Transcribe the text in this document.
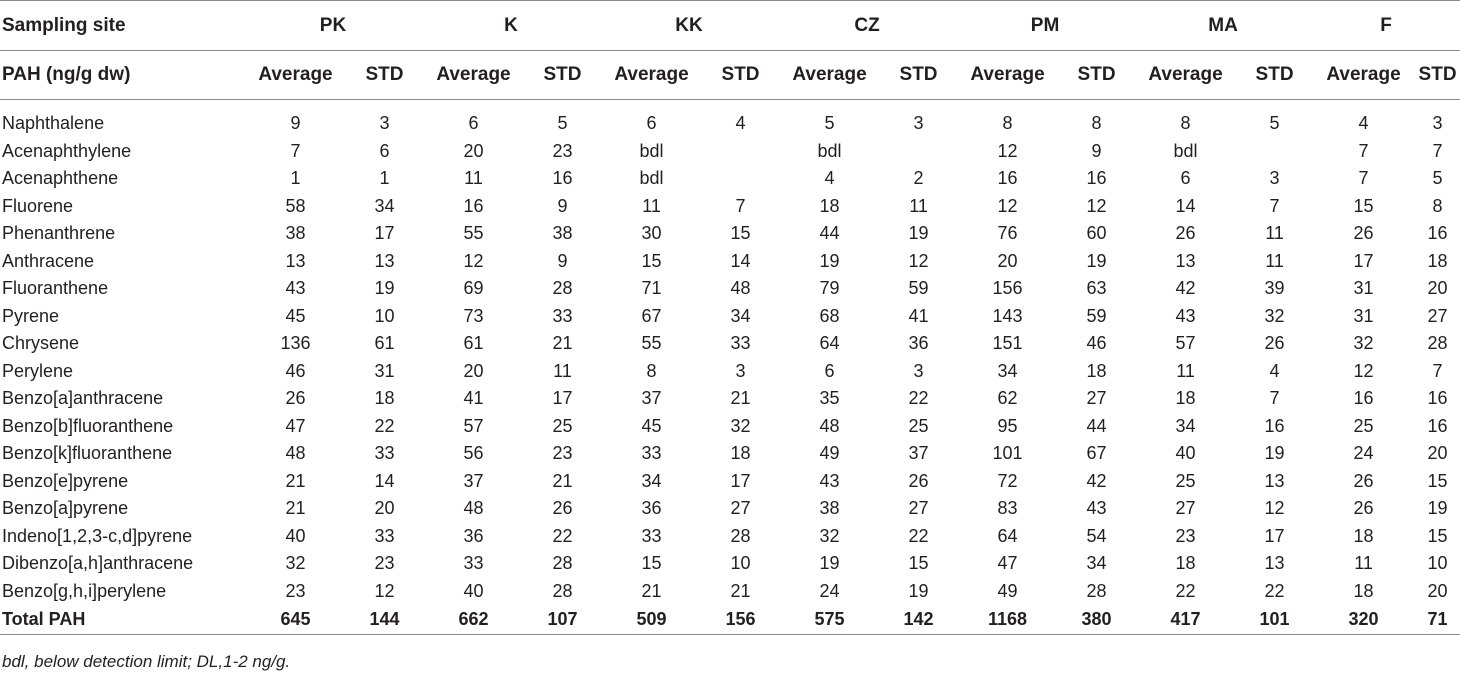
Sampling site	PK		K		KK		CZ		PM		MA		F	
PAH (ng/g dw)	Average	STD	Average	STD	Average	STD	Average	STD	Average	STD	Average	STD	Average	STD

Naphthalene	9	3	6	5	6	4	5	3	8	8	8	5	4	3
Acenaphthylene	7	6	20	23	bdl		bdl		12	9	bdl		7	7
Acenaphthene	1	1	11	16	bdl		4	2	16	16	6	3	7	5
Fluorene	58	34	16	9	11	7	18	11	12	12	14	7	15	8
Phenanthrene	38	17	55	38	30	15	44	19	76	60	26	11	26	16
Anthracene	13	13	12	9	15	14	19	12	20	19	13	11	17	18
Fluoranthene	43	19	69	28	71	48	79	59	156	63	42	39	31	20
Pyrene	45	10	73	33	67	34	68	41	143	59	43	32	31	27
Chrysene	136	61	61	21	55	33	64	36	151	46	57	26	32	28
Perylene	46	31	20	11	8	3	6	3	34	18	11	4	12	7
Benzo[a]anthracene	26	18	41	17	37	21	35	22	62	27	18	7	16	16
Benzo[b]fluoranthene	47	22	57	25	45	32	48	25	95	44	34	16	25	16
Benzo[k]fluoranthene	48	33	56	23	33	18	49	37	101	67	40	19	24	20
Benzo[e]pyrene	21	14	37	21	34	17	43	26	72	42	25	13	26	15
Benzo[a]pyrene	21	20	48	26	36	27	38	27	83	43	27	12	26	19
Indeno[1,2,3-c,d]pyrene	40	33	36	22	33	28	32	22	64	54	23	17	18	15
Dibenzo[a,h]anthracene	32	23	33	28	15	10	19	15	47	34	18	13	11	10
Benzo[g,h,i]perylene	23	12	40	28	21	21	24	19	49	28	22	22	18	20
Total PAH	645	144	662	107	509	156	575	142	1168	380	417	101	320	71
bdl, below detection limit; DL,1-2 ng/g.
